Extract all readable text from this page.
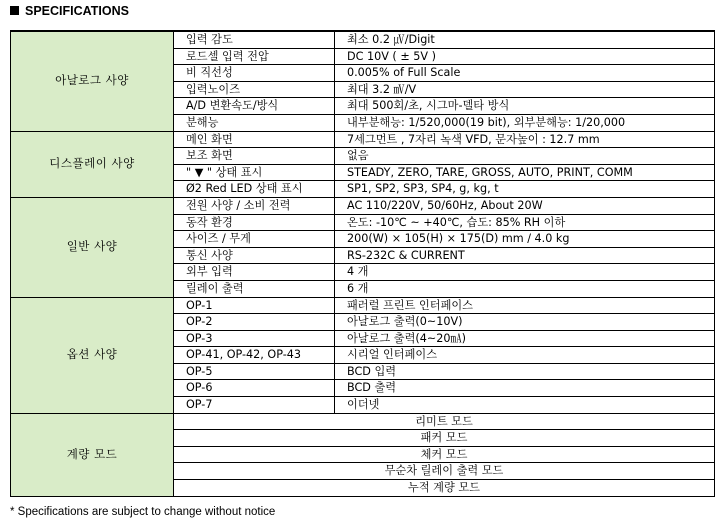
SPECIFICATIONS
아날로그 사양	입력 감도	최소 0.2 ㎶/Digit
	로드셀 입력 전압	DC 10V ( ± 5V )
	비 직선성	0.005% of Full Scale
	입력노이즈	최대 3.2 ㎷/V
	A/D 변환속도/방식	최대 500회/초, 시그마-델타 방식
	분해능	내부분해능: 1/520,000(19 bit), 외부분해능: 1/20,000
디스플레이 사양	메인 화면	7세그먼트 , 7자리 녹색 VFD, 문자높이 : 12.7 mm
	보조 화면	없음
	" ▼ " 상태 표시	STEADY, ZERO, TARE, GROSS, AUTO, PRINT, COMM
	Ø2 Red LED 상태 표시	SP1, SP2, SP3, SP4, g, kg, t
일반 사양	전원 사양 / 소비 전력	AC 110/220V, 50/60Hz, About 20W
	동작 환경	온도: -10℃ ~ +40℃, 습도: 85% RH 이하
	사이즈 / 무게	200(W) × 105(H) × 175(D) mm / 4.0 kg
	통신 사양	RS-232C & CURRENT
	외부 입력	4 개
	릴레이 출력	6 개
옵션 사양	OP-1	패러럴 프린트 인터페이스
	OP-2	아날로그 출력(0~10V)
	OP-3	아날로그 출력(4~20㎃)
	OP-41, OP-42, OP-43	시리얼 인터페이스
	OP-5	BCD 입력
	OP-6	BCD 출력
	OP-7	이더넷
계량 모드	리미트 모드	
	패커 모드	
	체커 모드	
	무순차 릴레이 출력 모드	
	누적 계량 모드	
* Specifications are subject to change without notice
